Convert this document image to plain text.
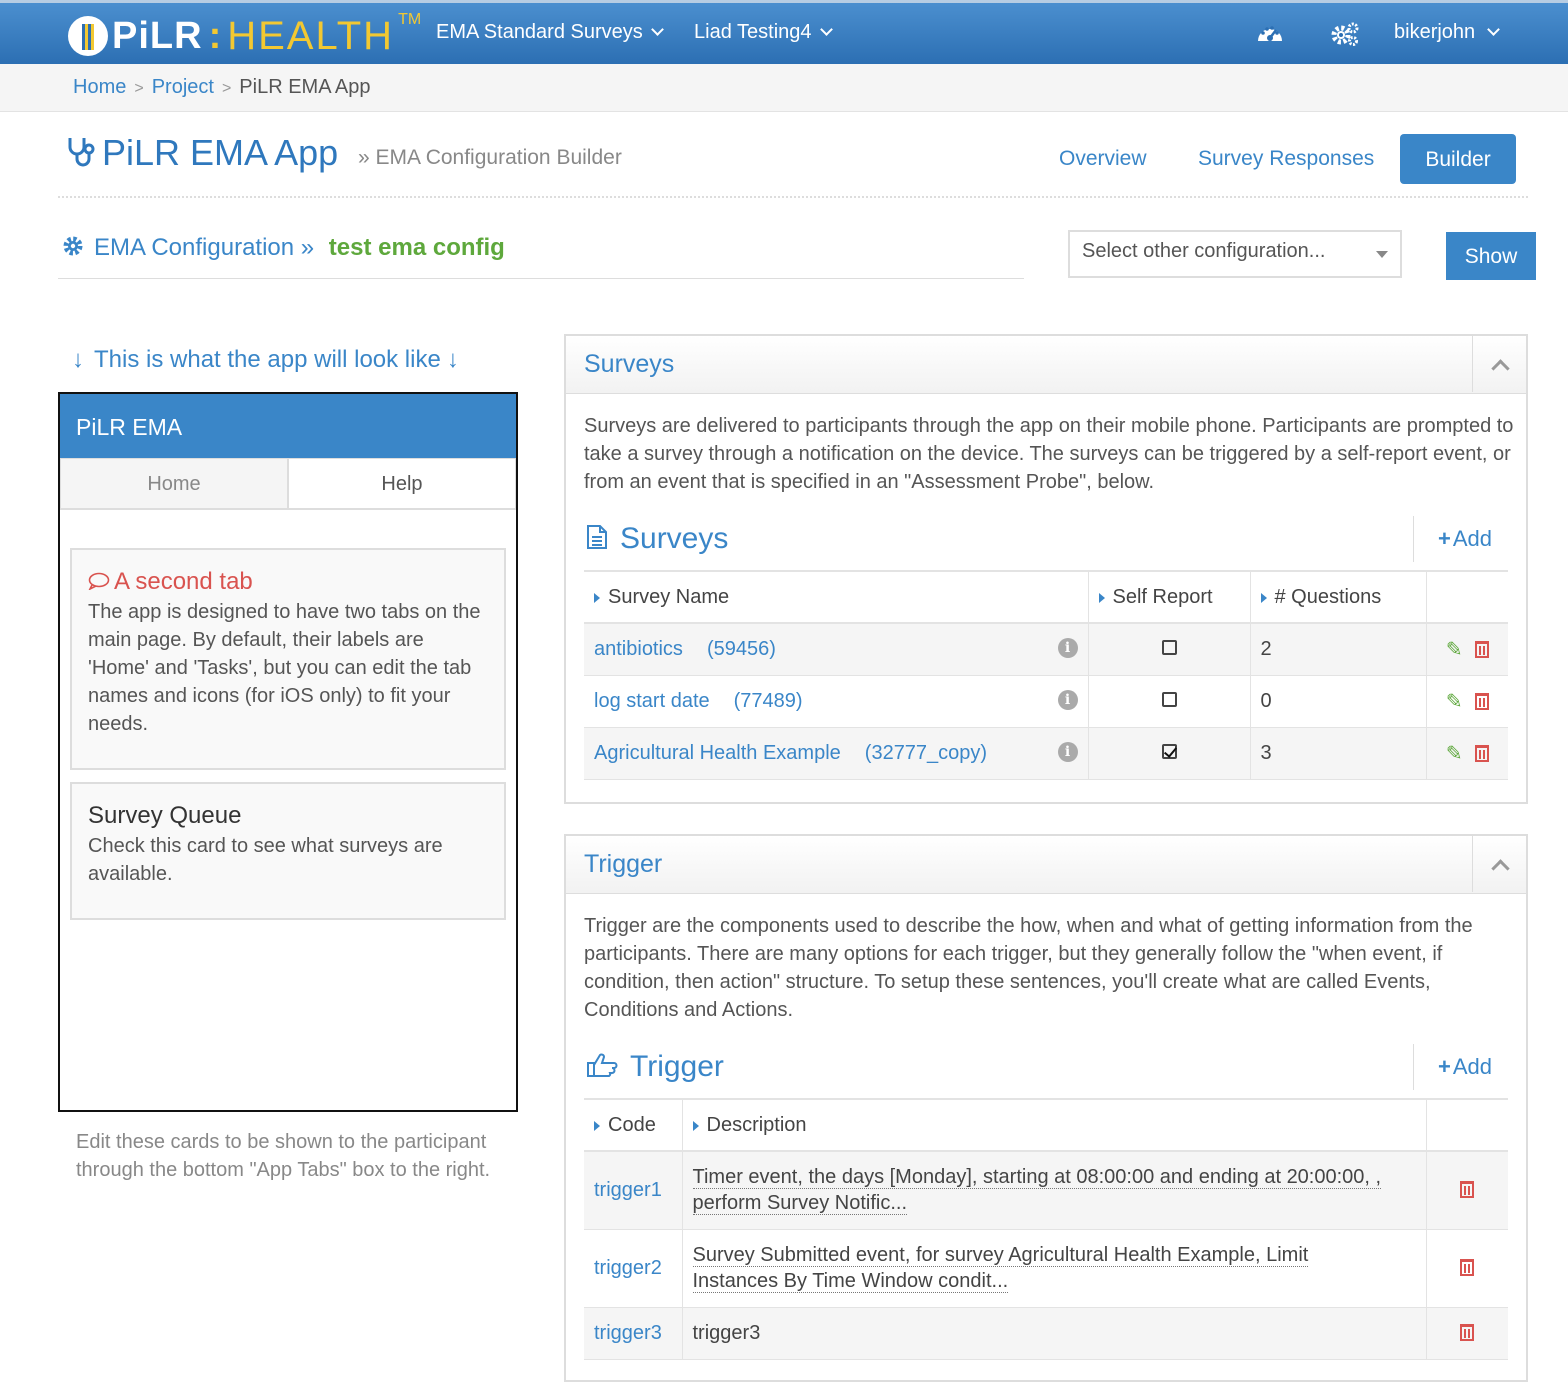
PiLR : HEALTH TM
EMA Standard Surveys	Liad Testing4	bikerjohn
Home > Project > PiLR EMA App
PiLR EMA App » EMA Configuration Builder	Overview Survey Responses	Builder
EMA Configuration » test ema config	Select other configuration...	Show
↓ This is what the app will look like ↓
PiLR EMA
Home	Help
A second tab
The app is designed to have two tabs on the main page. By default, their labels are 'Home' and 'Tasks', but you can edit the tab names and icons (for iOS only) to fit your needs.
Survey Queue
Check this card to see what surveys are available.
Edit these cards to be shown to the participant through the bottom "App Tabs" box to the right.
Surveys
Surveys are delivered to participants through the app on their mobile phone. Participants are prompted to take a survey through a notification on the device. The surveys can be triggered by a self-report event, or from an event that is specified in an "Assessment Probe", below.
Surveys	+Add
Survey Name	Self Report	# Questions	
antibiotics (59456) i		2	✎
log start date (77489) i		0	✎
Agricultural Health Example (32777_copy) i		3	✎
Trigger
Trigger are the components used to describe the how, when and what of getting information from the participants. There are many options for each trigger, but they generally follow the "when event, if condition, then action" structure. To setup these sentences, you'll create what are called Events, Conditions and Actions.
Trigger	+Add
Code	Description	
trigger1	Timer event, the days [Monday], starting at 08:00:00 and ending at 20:00:00, ,
perform Survey Notific...	
trigger2	Survey Submitted event, for survey Agricultural Health Example, Limit
Instances By Time Window condit...	
trigger3	trigger3	
